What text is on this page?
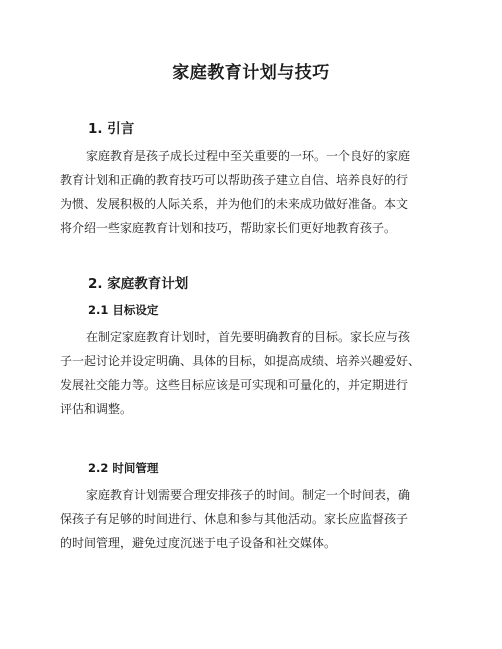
家庭教育计划与技巧
1. 引言
家庭教育是孩子成长过程中至关重要的一环。一个良好的家庭
教育计划和正确的教育技巧可以帮助孩子建立自信、培养良好的行
为惯、发展积极的人际关系，并为他们的未来成功做好准备。本文
将介绍一些家庭教育计划和技巧，帮助家长们更好地教育孩子。
2. 家庭教育计划
2.1 目标设定
在制定家庭教育计划时，首先要明确教育的目标。家长应与孩
子一起讨论并设定明确、具体的目标，如提高成绩、培养兴趣爱好、
发展社交能力等。这些目标应该是可实现和可量化的，并定期进行
评估和调整。
2.2 时间管理
家庭教育计划需要合理安排孩子的时间。制定一个时间表，确
保孩子有足够的时间进行、休息和参与其他活动。家长应监督孩子
的时间管理，避免过度沉迷于电子设备和社交媒体。
